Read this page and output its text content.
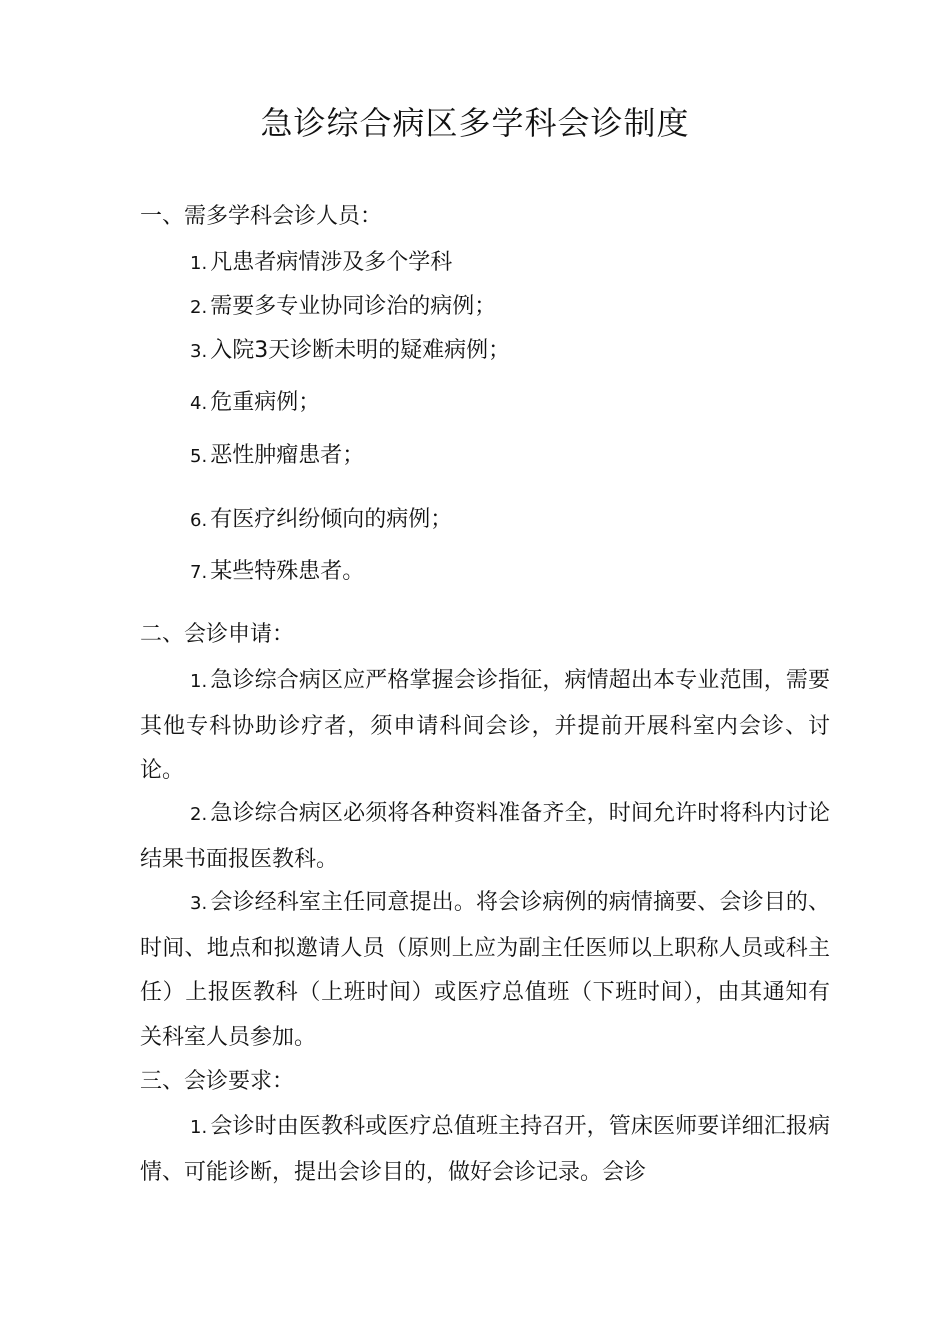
急诊综合病区多学科会诊制度
一、需多学科会诊人员：
1. 凡患者病情涉及多个学科
2. 需要多专业协同诊治的病例；
3. 入院3天诊断未明的疑难病例；
4. 危重病例；
5. 恶性肿瘤患者；
6. 有医疗纠纷倾向的病例；
7. 某些特殊患者。
二、会诊申请：
1. 急诊综合病区应严格掌握会诊指征，病情超出本专业范围，需要其他专科协助诊疗者，须申请科间会诊，并提前开展科室内会诊、讨论。
2. 急诊综合病区必须将各种资料准备齐全，时间允许时将科内讨论结果书面报医教科。
3. 会诊经科室主任同意提出。将会诊病例的病情摘要、会诊目的、时间、地点和拟邀请人员（原则上应为副主任医师以上职称人员或科主任）上报医教科（上班时间）或医疗总值班（下班时间），由其通知有关科室人员参加。
三、会诊要求：
1. 会诊时由医教科或医疗总值班主持召开，管床医师要详细汇报病情、可能诊断，提出会诊目的，做好会诊记录。会诊
